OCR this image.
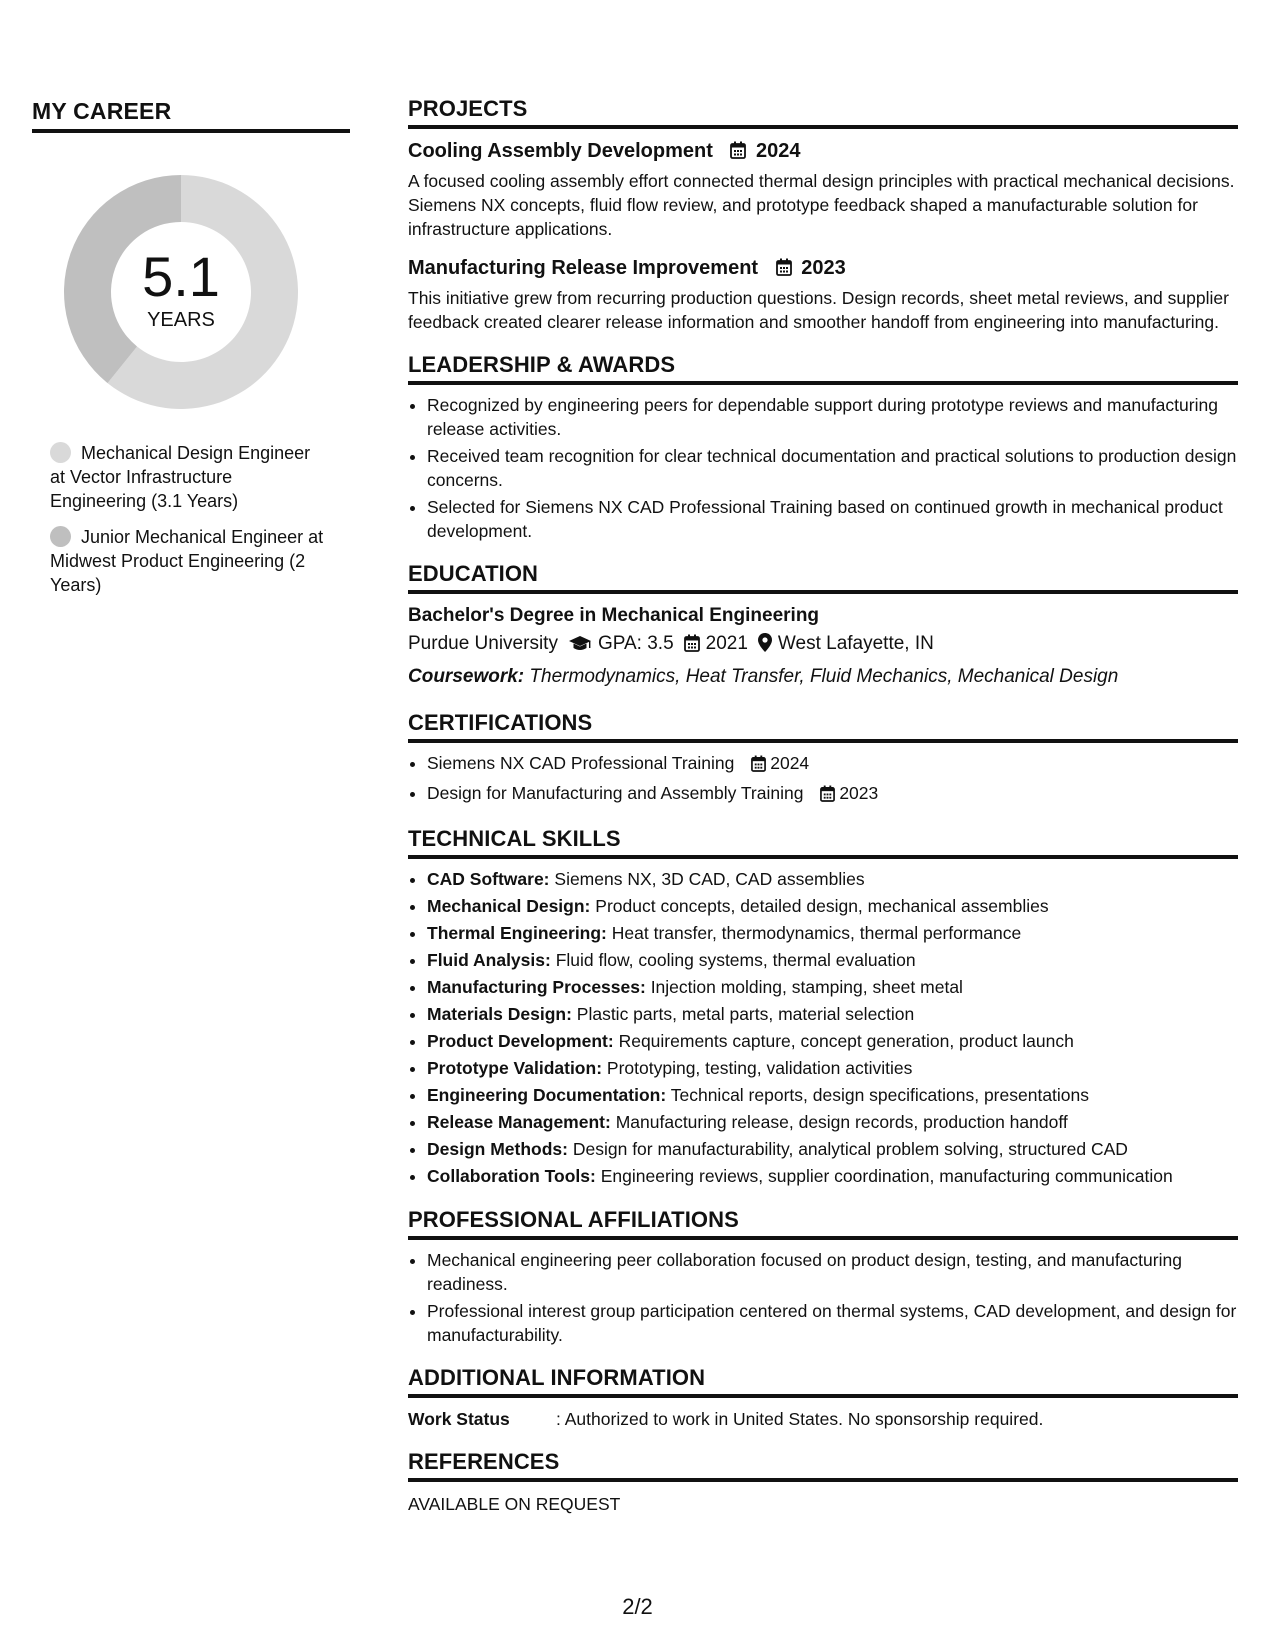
MY CAREER
5.1
YEARS
Mechanical Design Engineer at Vector Infrastructure Engineering (3.1 Years)
Junior Mechanical Engineer at Midwest Product Engineering (2 Years)
PROJECTS
Cooling Assembly Development 2024
A focused cooling assembly effort connected thermal design principles with practical mechanical decisions. Siemens NX concepts, fluid flow review, and prototype feedback shaped a manufacturable solution for infrastructure applications.
Manufacturing Release Improvement 2023
This initiative grew from recurring production questions. Design records, sheet metal reviews, and supplier feedback created clearer release information and smoother handoff from engineering into manufacturing.
LEADERSHIP & AWARDS
• Recognized by engineering peers for dependable support during prototype reviews and manufacturing release activities.
• Received team recognition for clear technical documentation and practical solutions to production design concerns.
• Selected for Siemens NX CAD Professional Training based on continued growth in mechanical product development.
EDUCATION
Bachelor's Degree in Mechanical Engineering
Purdue University GPA: 3.5 2021 West Lafayette, IN
Coursework: Thermodynamics, Heat Transfer, Fluid Mechanics, Mechanical Design
CERTIFICATIONS
• Siemens NX CAD Professional Training 2024
• Design for Manufacturing and Assembly Training 2023
TECHNICAL SKILLS
• CAD Software: Siemens NX, 3D CAD, CAD assemblies
• Mechanical Design: Product concepts, detailed design, mechanical assemblies
• Thermal Engineering: Heat transfer, thermodynamics, thermal performance
• Fluid Analysis: Fluid flow, cooling systems, thermal evaluation
• Manufacturing Processes: Injection molding, stamping, sheet metal
• Materials Design: Plastic parts, metal parts, material selection
• Product Development: Requirements capture, concept generation, product launch
• Prototype Validation: Prototyping, testing, validation activities
• Engineering Documentation: Technical reports, design specifications, presentations
• Release Management: Manufacturing release, design records, production handoff
• Design Methods: Design for manufacturability, analytical problem solving, structured CAD
• Collaboration Tools: Engineering reviews, supplier coordination, manufacturing communication
PROFESSIONAL AFFILIATIONS
• Mechanical engineering peer collaboration focused on product design, testing, and manufacturing readiness.
• Professional interest group participation centered on thermal systems, CAD development, and design for manufacturability.
ADDITIONAL INFORMATION
Work Status	: Authorized to work in United States. No sponsorship required.
REFERENCES
AVAILABLE ON REQUEST
2/2
